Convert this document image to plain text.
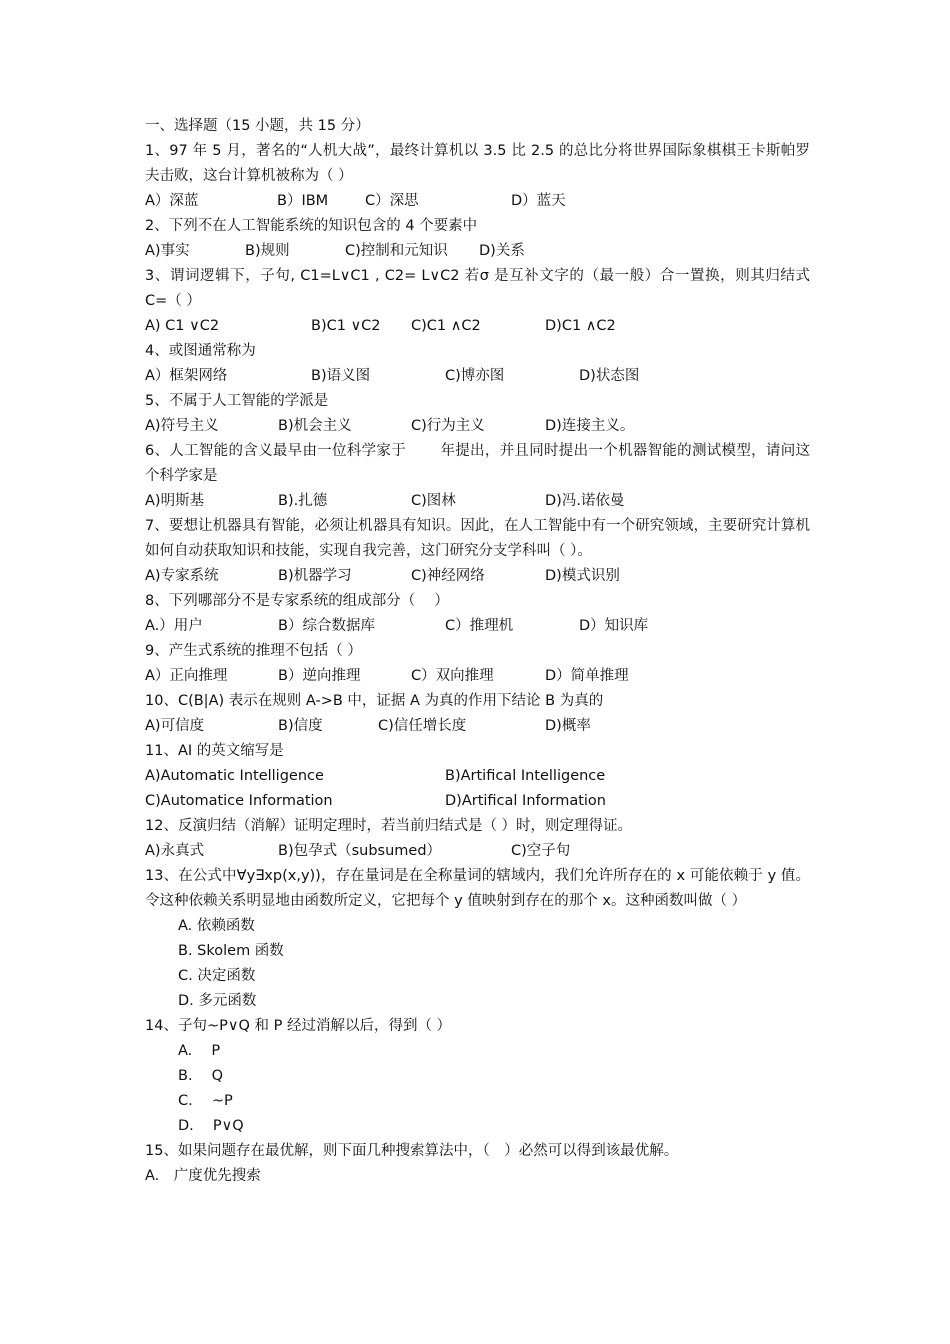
一、选择题（15 小题，共 15 分）
1、97 年 5 月，著名的“人机大战”，最终计算机以 3.5 比 2.5 的总比分将世界国际象棋棋王卡斯帕罗夫击败，这台计算机被称为（ ）
A）深蓝	B）IBM	C）深思	D）蓝天
2、下列不在人工智能系统的知识包含的 4 个要素中
A)事实	B)规则	C)控制和元知识 D)关系
3、谓词逻辑下，子句, C1=L∨C1 , C2= L∨C2 若σ 是互补文字的（最一般）合一置换，则其归结式 C=（ ）
A) C1 ∨C2	B)C1 ∨C2 C)C1 ∧C2	D)C1 ∧C2
4、或图通常称为
A）框架网络	B)语义图	C)博亦图	D)状态图
5、不属于人工智能的学派是
A)符号主义	B)机会主义	C)行为主义	D)连接主义。
6、人工智能的含义最早由一位科学家于　　 年提出，并且同时提出一个机器智能的测试模型，请问这个科学家是
A)明斯基	B).扎德	C)图林	D)冯.诺依曼
7、要想让机器具有智能，必须让机器具有知识。因此，在人工智能中有一个研究领域，主要研究计算机如何自动获取知识和技能，实现自我完善，这门研究分支学科叫（ ）。
A)专家系统	B)机器学习	C)神经网络	D)模式识别
8、下列哪部分不是专家系统的组成部分（　 ）
A.）用户	B）综合数据库	C）推理机	D）知识库
9、产生式系统的推理不包括（ ）
A）正向推理	B）逆向推理	C）双向推理	D）简单推理
10、C(B|A) 表示在规则 A->B 中，证据 A 为真的作用下结论 B 为真的
A)可信度	B)信度	C)信任增长度	D)概率
11、AI 的英文缩写是
A)Automatic Intelligence	B)Artifical Intelligence
C)Automatice Information	D)Artifical Information
12、反演归结（消解）证明定理时，若当前归结式是（ ）时，则定理得证。
A)永真式	B)包孕式（subsumed）	C)空子句
13、在公式中∀y∃xp(x,y))，存在量词是在全称量词的辖域内，我们允许所存在的 x 可能依赖于 y 值。令这种依赖关系明显地由函数所定义，它把每个 y 值映射到存在的那个 x。这种函数叫做（ ）
A. 依赖函数
B. Skolem 函数
C. 决定函数
D. 多元函数
14、子句~P∨Q 和 P 经过消解以后，得到（ ）
A.　 P
B.　 Q
C.　 ~P
D.　 P∨Q
15、如果问题存在最优解，则下面几种搜索算法中，（　）必然可以得到该最优解。
A.　广度优先搜索
